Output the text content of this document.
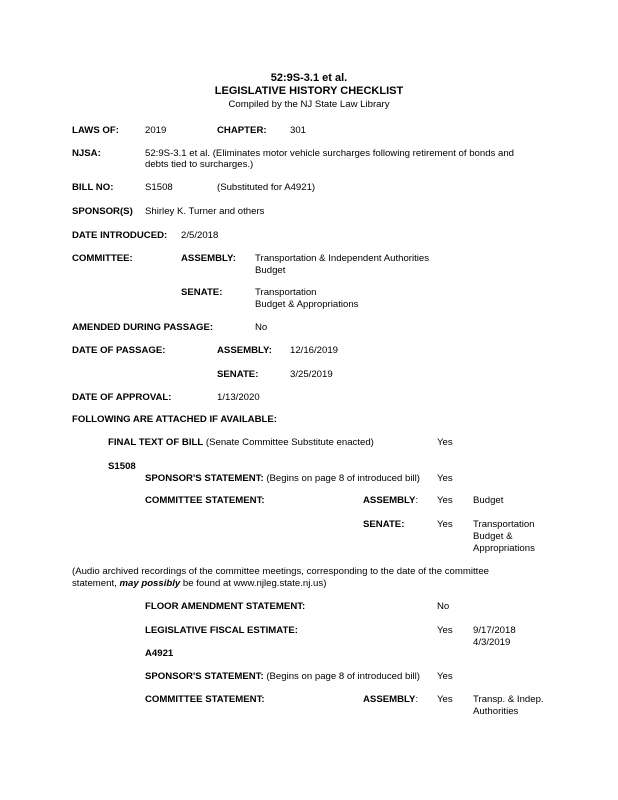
52:9S-3.1 et al.
LEGISLATIVE HISTORY CHECKLIST
Compiled by the NJ State Law Library
LAWS OF:	2019	CHAPTER: 301
NJSA:	52:9S-3.1 et al. (Eliminates motor vehicle surcharges following retirement of bonds and
debts tied to surcharges.)
BILL NO:	S1508	(Substituted for A4921)
SPONSOR(S) Shirley K. Turner and others
DATE INTRODUCED: 2/5/2018
COMMITTEE:	ASSEMBLY: Transportation & Independent Authorities
Budget
SENATE:	Transportation
Budget & Appropriations
AMENDED DURING PASSAGE:	No
DATE OF PASSAGE:	ASSEMBLY: 12/16/2019
SENATE:	3/25/2019
DATE OF APPROVAL:	1/13/2020
FOLLOWING ARE ATTACHED IF AVAILABLE:
FINAL TEXT OF BILL (Senate Committee Substitute enacted)	Yes
S1508
SPONSOR'S STATEMENT: (Begins on page 8 of introduced bill) Yes
COMMITTEE STATEMENT:	ASSEMBLY: Yes Budget
SENATE:	Yes Transportation
Budget &
Appropriations
(Audio archived recordings of the committee meetings, corresponding to the date of the committee
statement, may possibly be found at www.njleg.state.nj.us)
FLOOR AMENDMENT STATEMENT:	No
LEGISLATIVE FISCAL ESTIMATE:	Yes 9/17/2018
4/3/2019
A4921
SPONSOR'S STATEMENT: (Begins on page 8 of introduced bill) Yes
COMMITTEE STATEMENT:	ASSEMBLY: Yes Transp. & Indep.
Authorities
